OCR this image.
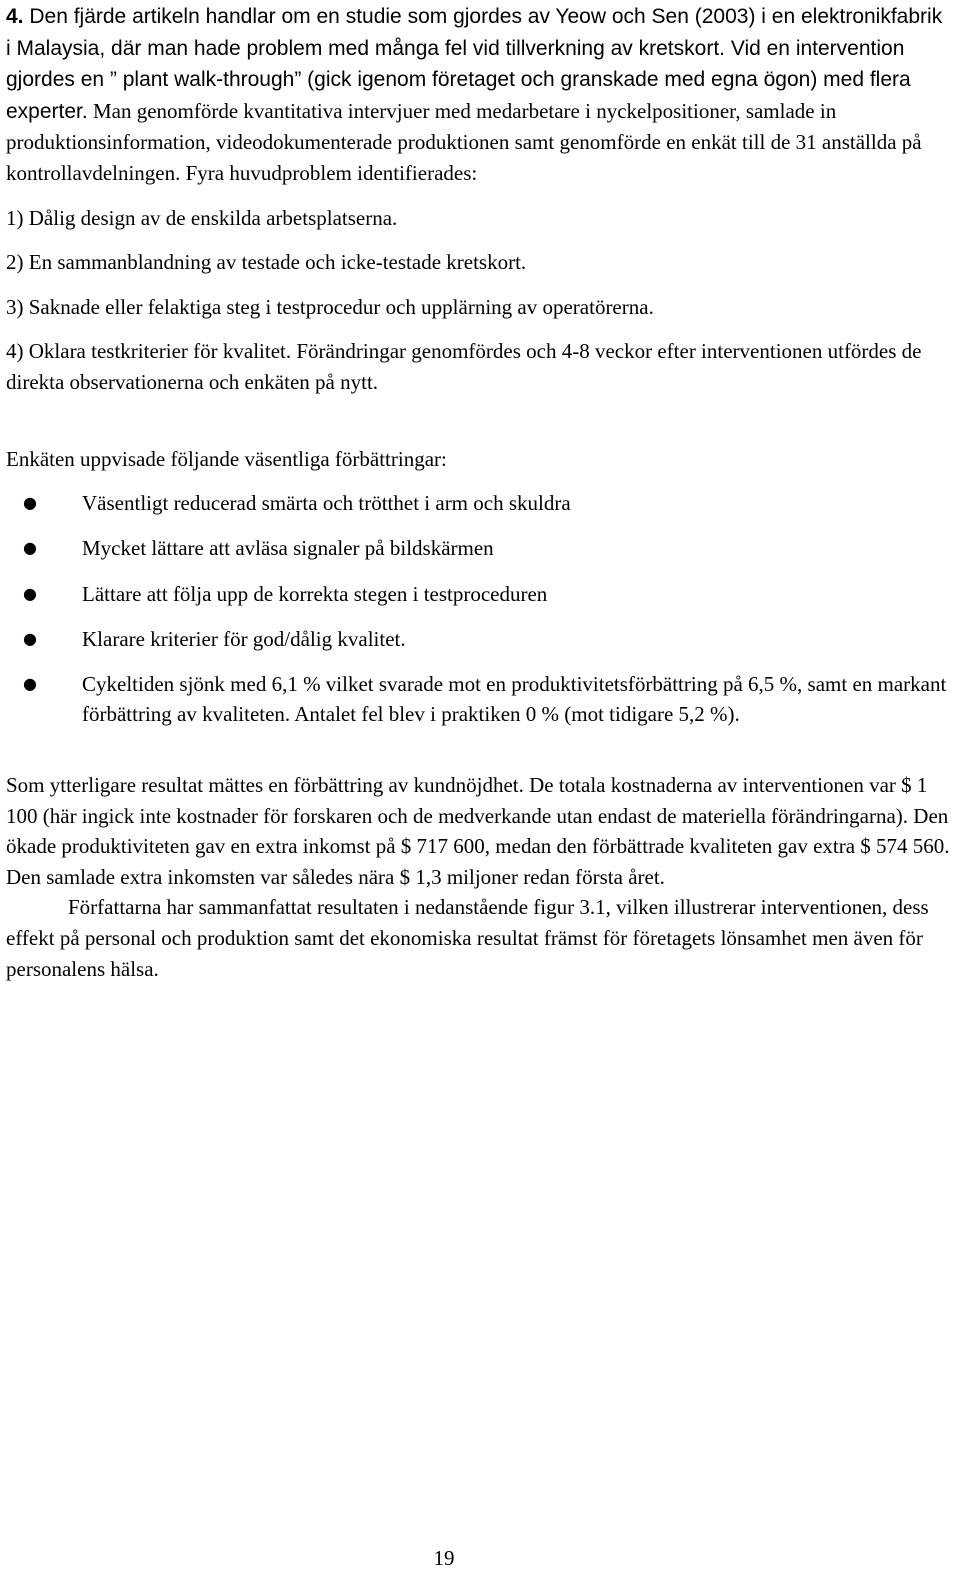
4. Den fjärde artikeln handlar om en studie som gjordes av Yeow och Sen (2003) i en elektronikfabrik i Malaysia, där man hade problem med många fel vid tillverkning av kretskort. Vid en intervention gjordes en ” plant walk-through” (gick igenom företaget och granskade med egna ögon) med flera experter. Man genomförde kvantitativa intervjuer med medarbetare i nyckelpositioner, samlade in produktionsinformation, videodokumenterade produktionen samt genomförde en enkät till de 31 anställda på kontrollavdelningen. Fyra huvudproblem identifierades:

1) Dålig design av de enskilda arbetsplatserna.

2) En sammanblandning av testade och icke-testade kretskort.

3) Saknade eller felaktiga steg i testprocedur och upplärning av operatörerna.

4) Oklara testkriterier för kvalitet. Förändringar genomfördes och 4-8 veckor efter interventionen utfördes de direkta observationerna och enkäten på nytt.

Enkäten uppvisade följande väsentliga förbättringar:

● Väsentligt reducerad smärta och trötthet i arm och skuldra
● Mycket lättare att avläsa signaler på bildskärmen
● Lättare att följa upp de korrekta stegen i testproceduren
● Klarare kriterier för god/dålig kvalitet.
● Cykeltiden sjönk med 6,1 % vilket svarade mot en produktivitetsförbättring på 6,5 %, samt en markant förbättring av kvaliteten. Antalet fel blev i praktiken 0 % (mot tidigare 5,2 %).

Som ytterligare resultat mättes en förbättring av kundnöjdhet. De totala kostnaderna av interventionen var $ 1 100 (här ingick inte kostnader för forskaren och de medverkande utan endast de materiella förändringarna). Den ökade produktiviteten gav en extra inkomst på $ 717 600, medan den förbättrade kvaliteten gav extra $ 574 560. Den samlade extra inkomsten var således nära $ 1,3 miljoner redan första året.

Författarna har sammanfattat resultaten i nedanstående figur 3.1, vilken illustrerar interventionen, dess effekt på personal och produktion samt det ekonomiska resultat främst för företagets lönsamhet men även för personalens hälsa.

19
